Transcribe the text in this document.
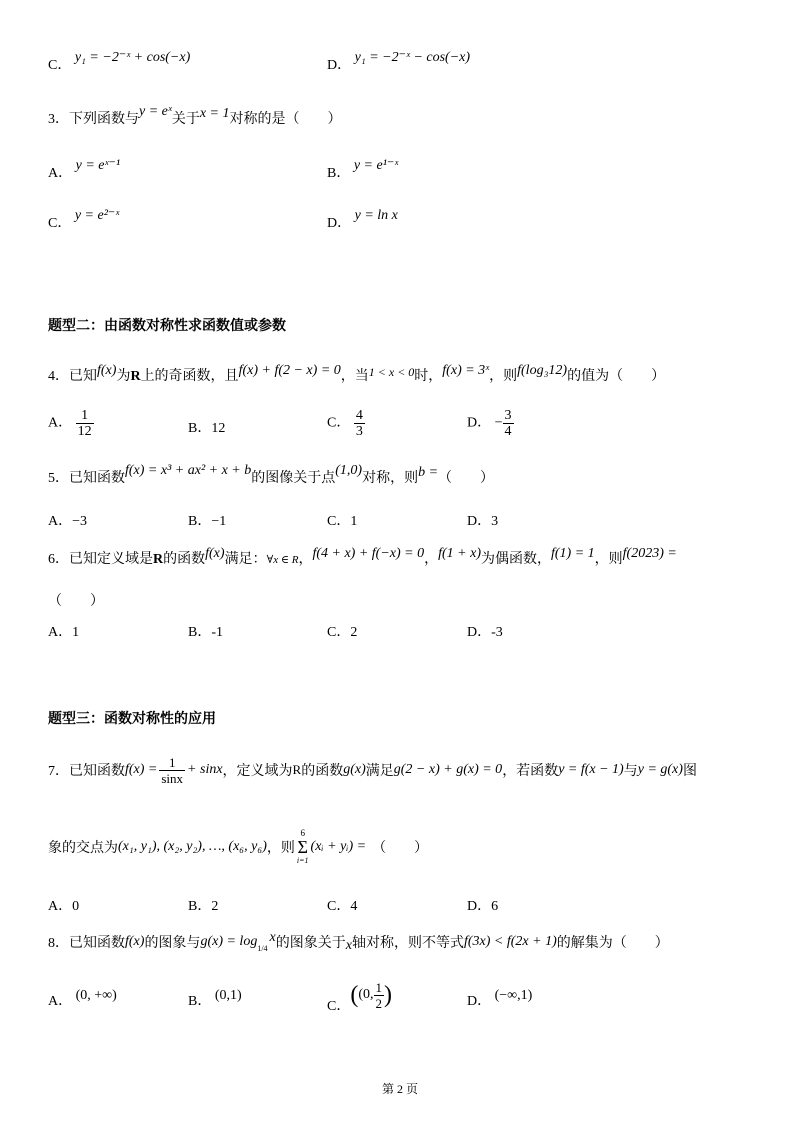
C． y₁ = −2⁻ˣ + cos(−x)
D． y₁ = −2⁻ˣ − cos(−x)
3．下列函数与y = eˣ关于x = 1对称的是（　　）
A． y = eˣ⁻¹
B． y = e¹⁻ˣ
C． y = e²⁻ˣ
D． y = ln x
题型二：由函数对称性求函数值或参数
4．已知f(x)为R上的奇函数，且f(x) + f(2 − x) = 0，当1 < x < 0时，f(x) = 3ˣ，则f(log₃12)的值为（　　）
A． $\frac{1}{12}$	B．12	C． $\frac{4}{3}$	D． − $\frac{3}{4}$
5．已知函数f(x) = x³ + ax² + x + b的图像关于点(1,0)对称，则b =（　　）
A．−3	B．−1	C．1	D．3
6．已知定义域是R的函数f(x)满足：∀x ∈ R，f(4 + x) + f(−x) = 0，f(1 + x)为偶函数，f(1) = 1，则f(2023) =
（　　）
A．1	B．-1	C．2	D．-3
题型三：函数对称性的应用
7．已知函数 $f(x) = \frac{1}{\sin x} + \sin x$ ，定义域为 R 的函数 g(x) 满足 g(2 − x) + g(x) = 0 ，若函数 y = f(x − 1) 与 y = g(x) 图
象的交点为 (x₁, y₁), (x₂, y₂), …, (x₆, y₆) ，则
6
Σ
i=1
(xᵢ + yᵢ) = （　　）
A．0	B．2	C．4	D．6
8．已知函数 f(x) 的图象与 g(x) = log 1/4
x 的图象关于 x 轴对称，则不等式 f(3x) < f(2x + 1) 的解集为（　　）
A． (0, +∞)	B． (0,1)
C． ( (0, $\frac{1}{2}$ )	D． (−∞,1)
第 2 页
